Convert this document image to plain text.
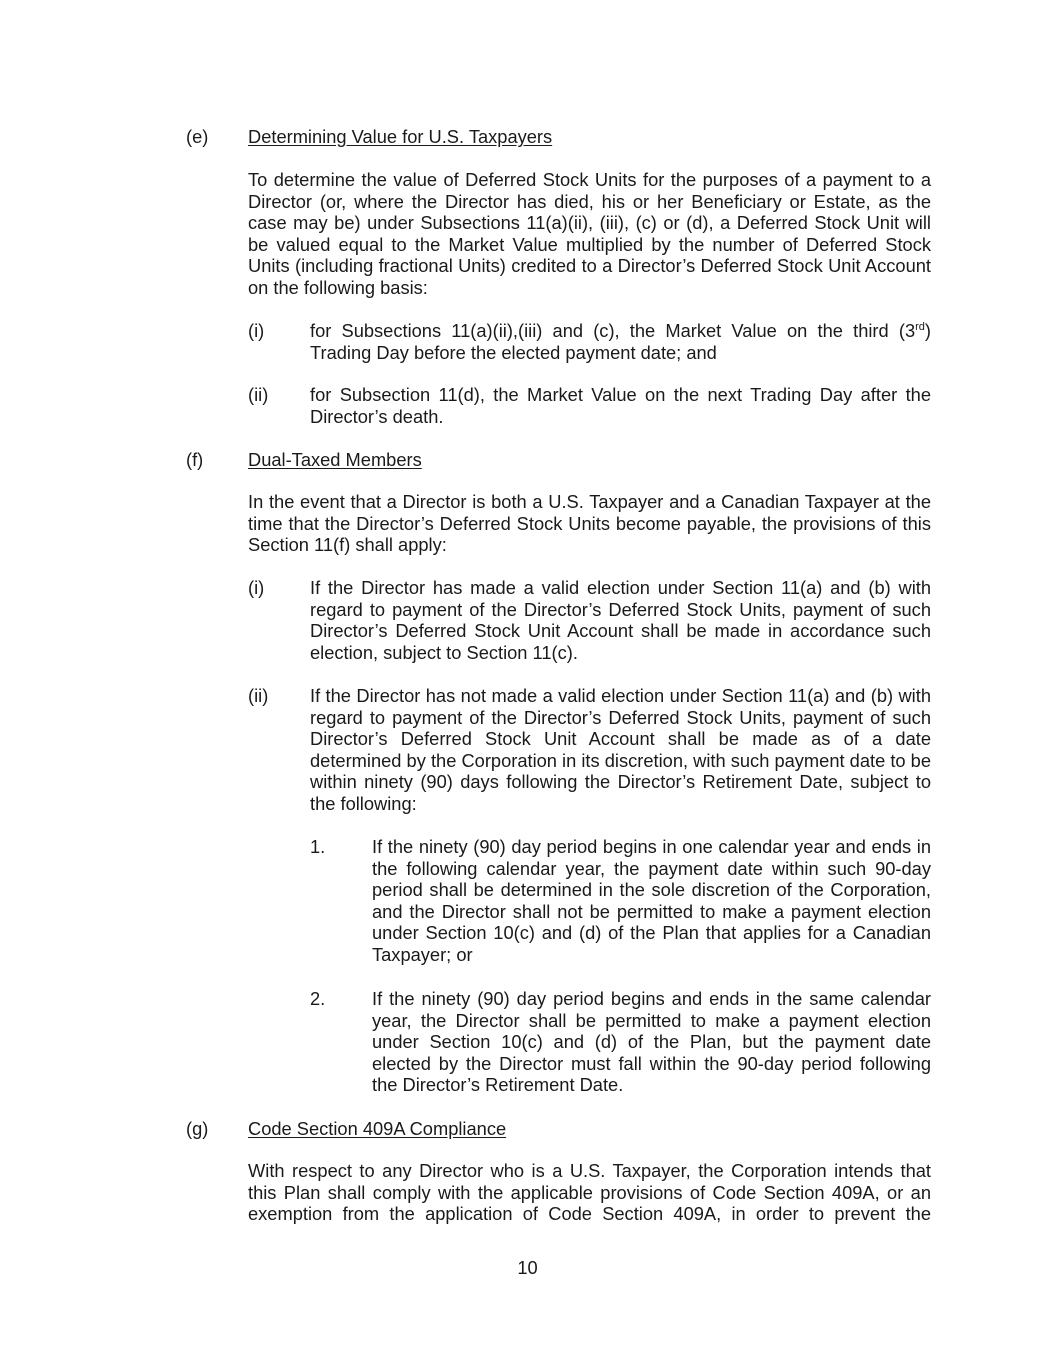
(e) Determining Value for U.S. Taxpayers

To determine the value of Deferred Stock Units for the purposes of a payment to a Director (or, where the Director has died, his or her Beneficiary or Estate, as the case may be) under Subsections 11(a)(ii), (iii), (c) or (d), a Deferred Stock Unit will be valued equal to the Market Value multiplied by the number of Deferred Stock Units (including fractional Units) credited to a Director’s Deferred Stock Unit Account on the following basis:

(i)	for Subsections 11(a)(ii),(iii) and (c), the Market Value on the third (3rd) Trading Day before the elected payment date; and

(ii) for Subsection 11(d), the Market Value on the next Trading Day after the Director’s death.

(f) Dual-Taxed Members

In the event that a Director is both a U.S. Taxpayer and a Canadian Taxpayer at the time that the Director’s Deferred Stock Units become payable, the provisions of this Section 11(f) shall apply:

(i)	If the Director has made a valid election under Section 11(a) and (b) with regard to payment of the Director’s Deferred Stock Units, payment of such Director’s Deferred Stock Unit Account shall be made in accordance such election, subject to Section 11(c).

(ii) If the Director has not made a valid election under Section 11(a) and (b) with regard to payment of the Director’s Deferred Stock Units, payment of such Director’s Deferred Stock Unit Account shall be made as of a date determined by the Corporation in its discretion, with such payment date to be within ninety (90) days following the Director’s Retirement Date, subject to the following:

1.	If the ninety (90) day period begins in one calendar year and ends in the following calendar year, the payment date within such 90-day period shall be determined in the sole discretion of the Corporation, and the Director shall not be permitted to make a payment election under Section 10(c) and (d) of the Plan that applies for a Canadian Taxpayer; or

2.	If the ninety (90) day period begins and ends in the same calendar year, the Director shall be permitted to make a payment election under Section 10(c) and (d) of the Plan, but the payment date elected by the Director must fall within the 90-day period following the Director’s Retirement Date.

(g) Code Section 409A Compliance

With respect to any Director who is a U.S. Taxpayer, the Corporation intends that this Plan shall comply with the applicable provisions of Code Section 409A, or an exemption from the application of Code Section 409A, in order to prevent the

10
